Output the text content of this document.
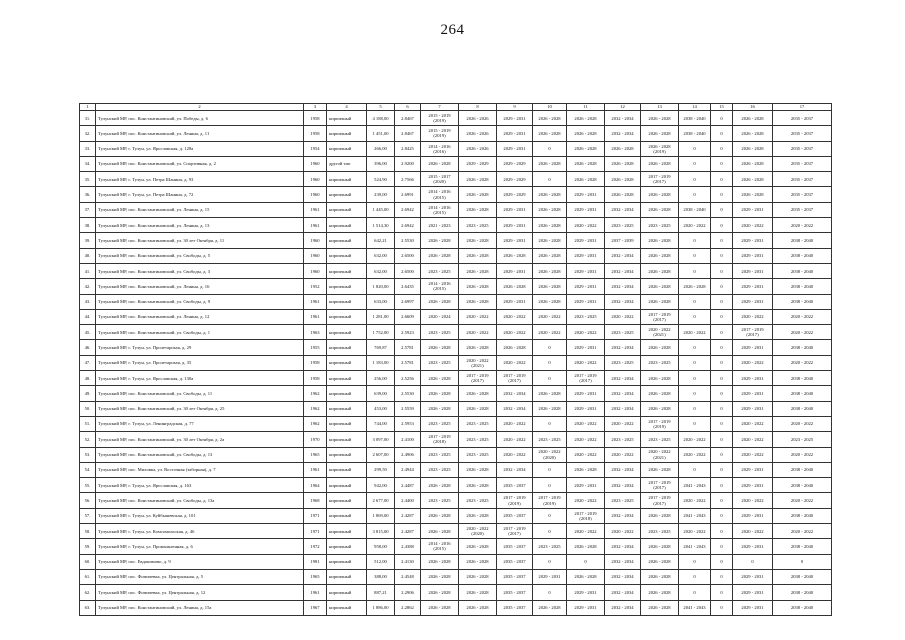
264
1	2	3	4	5	6	7	8	9	10	11	12	13	14	15	16	17
31.	Тулунский МР, пос. Константиновский, ул. Победы, д. 6	1958	кирпичный	4 188,00	2.8467	2015 - 2019 (2019)	2026 - 2026	2029 - 2031	2026 - 2028	2026 - 2028	2032 - 2034	2026 - 2028	2038 - 2040	0	2026 - 2028	2035 - 2037
32.	Тулунский МР, пос. Константиновский, ул. Ленина, д. 11	1958	кирпичный	1 451,00	2.8467	2015 - 2019 (2019)	2026 - 2026	2029 - 2031	2026 - 2028	2026 - 2028	2032 - 2034	2026 - 2028	2038 - 2040	0	2026 - 2028	2035 - 2037
33.	Тулунский МР, г. Тулун, ул. Ярославская, д. 128а	1954	кирпичный	266,00	2.8425	2014 - 2016 (2016)	2026 - 2026	2029 - 2031	0	2026 - 2028	2026 - 2028	2026 - 2028 (2019)	0	0	2026 - 2028	2035 - 2037
34.	Тулунский МР, пос. Константиновский, ул. Спортивная, д. 2	1960	другой тип	396,00	2.9200	2026 - 2028	2029 - 2029	2029 - 2029	2026 - 2028	2026 - 2028	2026 - 2028	2026 - 2028	0	0	2026 - 2028	2035 - 2037
35.	Тулунский МР, г. Тулун, ул. Петра Шанина, д. 93	1960	кирпичный	524,90	2.7566	2015 - 2017 (2020)	2026 - 2028	2029 - 2029	0	2026 - 2028	2026 - 2028	2017 - 2019 (2017)	0	0	2026 - 2028	2035 - 2037
36.	Тулунский МР, г. Тулун, ул. Петра Шанина, д. 72	1960	кирпичный	239,00	2.6991	2014 - 2016 (2015)	2026 - 2028	2029 - 2029	2026 - 2028	2029 - 2031	2026 - 2028	2026 - 2028	0	0	2026 - 2028	2035 - 2037
37.	Тулунский МР, пос. Константиновский, ул. Ленина, д. 15	1961	кирпичный	1 445,00	2.6942	2014 - 2016 (2015)	2026 - 2028	2029 - 2031	2026 - 2028	2029 - 2031	2032 - 2034	2026 - 2028	2038 - 2040	0	2029 - 2031	2035 - 2037
38.	Тулунский МР, пос. Константиновский, ул. Ленина, д. 13	1961	кирпичный	1 514,30	2.6942	2021 - 2023	2023 - 2025	2029 - 2031	2026 - 2028	2020 - 2022	2023 - 2025	2023 - 2025	2020 - 2022	0	2020 - 2022	2020 - 2022
39.	Тулунский МР, пос. Константиновский, ул. 30 лет Октября, д. 11	1960	кирпичный	642,21	2.5530	2026 - 2028	2026 - 2028	2029 - 2031	2026 - 2028	2029 - 2031	2037 - 2039	2026 - 2028	0	0	2029 - 2031	2038 - 2040
40.	Тулунский МР, пос. Константиновский, ул. Свободы, д. 5	1960	кирпичный	632,00	2.6500	2026 - 2028	2026 - 2028	2026 - 2028	2026 - 2028	2029 - 2031	2032 - 2034	2026 - 2028	0	0	2029 - 2031	2038 - 2040
41.	Тулунский МР, пос. Константиновский, ул. Свободы, д. 3	1960	кирпичный	632,00	2.6500	2023 - 2025	2026 - 2028	2029 - 2031	2026 - 2028	2029 - 2031	2032 - 2034	2026 - 2028	0	0	2029 - 2031	2038 - 2040
42.	Тулунский МР, пос. Константиновский, ул. Ленина, д. 16	1952	кирпичный	1 820,00	2.6435	2014 - 2016 (2015)	2026 - 2028	2026 - 2028	2026 - 2028	2029 - 2031	2032 - 2034	2026 - 2028	2026 - 2028	0	2029 - 2031	2038 - 2040
43.	Тулунский МР, пос. Константиновский, ул. Свободы, д. 9	1961	кирпичный	633,00	2.6997	2026 - 2028	2026 - 2028	2029 - 2031	2026 - 2028	2029 - 2031	2032 - 2034	2026 - 2028	0	0	2029 - 2031	2038 - 2040
44.	Тулунский МР, пос. Константиновский, ул. Ленина, д. 12	1961	кирпичный	1 281,00	2.6609	2020 - 2024	2020 - 2022	2020 - 2022	2020 - 2022	2023 - 2025	2020 - 2022	2017 - 2019 (2017)	0	0	2020 - 2022	2020 - 2022
45.	Тулунский МР, пос. Константиновский, ул. Свободы, д. 1	1963	кирпичный	1 752,00	2.5923	2023 - 2025	2020 - 2022	2020 - 2022	2020 - 2022	2020 - 2022	2023 - 2025	2020 - 2022 (2021)	2020 - 2022	0	2017 - 2019 (2017)	2020 - 2022
46.	Тулунский МР, г. Тулун, ул. Пролетарская, д. 29	1955	кирпичный	769,87	2.5781	2026 - 2028	2026 - 2028	2026 - 2028	0	2029 - 2031	2032 - 2034	2026 - 2028	0	0	2029 - 2031	2038 - 2040
47.	Тулунский МР, г. Тулун, ул. Пролетарская, д. 35	1958	кирпичный	1 183,00	2.5781	2023 - 2025	2020 - 2022 (2021)	2020 - 2022	0	2020 - 2022	2023 - 2025	2023 - 2025	0	0	2020 - 2022	2020 - 2022
48.	Тулунский МР, г. Тулун, ул. Ярославская, д. 130а	1958	кирпичный	256,00	2.5256	2026 - 2028	2017 - 2019 (2017)	2017 - 2019 (2017)	0	2017 - 2019 (2017)	2032 - 2034	2026 - 2028	0	0	2029 - 2031	2038 - 2040
49.	Тулунский МР, пос. Константиновский, ул. Свободы, д. 11	1962	кирпичный	639,00	2.5530	2026 - 2028	2026 - 2028	2032 - 2034	2026 - 2028	2029 - 2031	2032 - 2034	2026 - 2028	0	0	2029 - 2031	2038 - 2040
50.	Тулунский МР, пос. Константиновский, ул. 30 лет Октября, д. 25	1962	кирпичный	453,00	2.5559	2026 - 2028	2026 - 2028	2032 - 2034	2026 - 2028	2029 - 2031	2032 - 2034	2026 - 2028	0	0	2029 - 2031	2038 - 2040
51.	Тулунский МР, г. Тулун, ул. Ленинградская, д. 77	1962	кирпичный	744,00	2.5953	2023 - 2025	2023 - 2025	2020 - 2022	0	2020 - 2022	2020 - 2022	2017 - 2019 (2019)	0	0	2020 - 2022	2020 - 2022
52.	Тулунский МР, пос. Константиновский, ул. 30 лет Октября, д. 2а	1970	кирпичный	3 097,00	2.4100	2017 - 2019 (2018)	2023 - 2025	2020 - 2022	2023 - 2025	2020 - 2022	2023 - 2025	2023 - 2025	2020 - 2022	0	2020 - 2022	2023 - 2025
53.	Тулунский МР, пос. Константиновский, ул. Свободы, д. 13	1965	кирпичный	2 607,00	2.4906	2023 - 2025	2023 - 2025	2020 - 2022	2020 - 2022 (2020)	2020 - 2022	2020 - 2022	2020 - 2022 (2021)	2020 - 2022	0	2020 - 2022	2020 - 2022
54.	Тулунский МР, пос. Миловка, ул. Восточная (заборная), д. 7	1961	кирпичный	299,50	2.4944	2023 - 2025	2026 - 2028	2032 - 2034	0	2026 - 2028	2032 - 2034	2026 - 2028	0	0	2029 - 2031	2038 - 2040
55.	Тулунский МР, г. Тулун, ул. Ярославская, д. 163	1964	кирпичный	942,00	2.4487	2026 - 2028	2026 - 2028	2035 - 2037	0	2029 - 2031	2032 - 2034	2017 - 2019 (2017)	2041 - 2043	0	2029 - 2031	2038 - 2040
56.	Тулунский МР, пос. Константиновский, ул. Свободы, д. 13а	1968	кирпичный	2 677,00	2.4400	2023 - 2025	2023 - 2025	2017 - 2019 (2019)	2017 - 2019 (2019)	2020 - 2022	2023 - 2025	2017 - 2019 (2017)	2020 - 2022	0	2020 - 2022	2020 - 2022
57.	Тулунский МР, г. Тулун, ул. Куйбышевская, д. 101	1971	кирпичный	1 869,00	2.4287	2026 - 2028	2026 - 2028	2035 - 2037	0	2017 - 2019 (2018)	2032 - 2034	2026 - 2028	2041 - 2043	0	2029 - 2031	2038 - 2040
58.	Тулунский МР, г. Тулун, ул. Комсомольская, д. 46	1971	кирпичный	3 815,00	2.4287	2026 - 2028	2020 - 2022 (2020)	2017 - 2019 (2017)	0	2020 - 2022	2020 - 2022	2023 - 2025	2020 - 2022	0	2020 - 2022	2020 - 2022
59.	Тулунский МР, г. Тулун, ул. Промышленная, д. 6	1972	кирпичный	958,00	2.4388	2014 - 2016 (2015)	2026 - 2028	2035 - 2037	2023 - 2025	2026 - 2028	2032 - 2034	2026 - 2028	2041 - 2043	0	2029 - 2031	2038 - 2040
60.	Тулунский МР, пос. Евдокимово, д. 9	1981	кирпичный	512,00	2.4130	2026 - 2028	2026 - 2028	2035 - 2037	0	0	2032 - 2034	2026 - 2028	0	0	0	0
61.	Тулунский МР, пос. Фомичевка, ул. Центральная, д. 5	1965	кирпичный	388,00	2.4548	2026 - 2028	2026 - 2028	2035 - 2037	2029 - 2031	2026 - 2028	2032 - 2034	2026 - 2028	0	0	2029 - 2031	2038 - 2040
62.	Тулунский МР, пос. Фомичевка, ул. Центральная, д. 12	1961	кирпичный	887,21	2.2906	2026 - 2028	2026 - 2028	2035 - 2037	0	2029 - 2031	2032 - 2034	2026 - 2028	0	0	2029 - 2031	2038 - 2040
63.	Тулунский МР, пос. Константиновский, ул. Ленина, д. 15а	1967	кирпичный	1 886,00	2.2862	2026 - 2028	2026 - 2028	2035 - 2037	2026 - 2028	2029 - 2031	2032 - 2034	2026 - 2028	2041 - 2043	0	2029 - 2031	2038 - 2040
